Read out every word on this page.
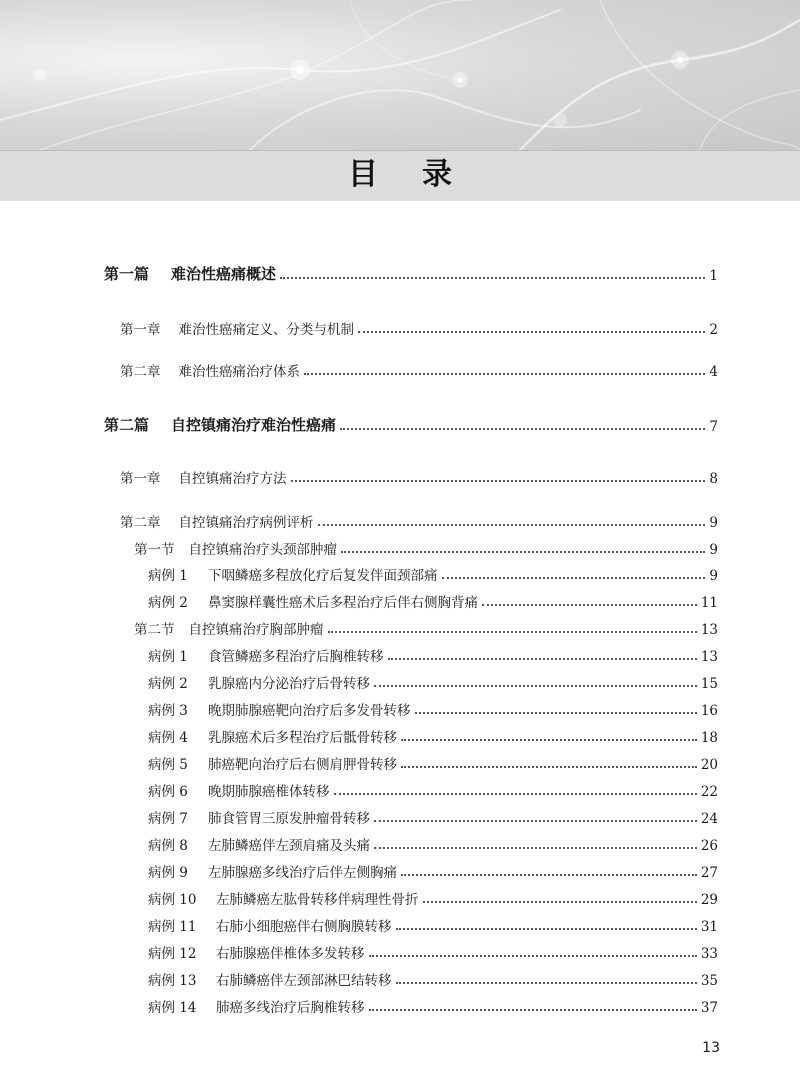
目录
第一篇 难治性癌痛概述	1
第一章 难治性癌痛定义、分类与机制	2
第二章 难治性癌痛治疗体系	4
第二篇 自控镇痛治疗难治性癌痛	7
第一章 自控镇痛治疗方法	8
第二章 自控镇痛治疗病例评析	9
第一节 自控镇痛治疗头颈部肿瘤	9
病例 1 下咽鳞癌多程放化疗后复发伴面颈部痛	9
病例 2 鼻窦腺样囊性癌术后多程治疗后伴右侧胸背痛	11
第二节 自控镇痛治疗胸部肿瘤	13
病例 1 食管鳞癌多程治疗后胸椎转移	13
病例 2 乳腺癌内分泌治疗后骨转移	15
病例 3 晚期肺腺癌靶向治疗后多发骨转移	16
病例 4 乳腺癌术后多程治疗后骶骨转移	18
病例 5 肺癌靶向治疗后右侧肩胛骨转移	20
病例 6 晚期肺腺癌椎体转移	22
病例 7 肺食管胃三原发肿瘤骨转移	24
病例 8 左肺鳞癌伴左颈肩痛及头痛	26
病例 9 左肺腺癌多线治疗后伴左侧胸痛	27
病例 10 左肺鳞癌左肱骨转移伴病理性骨折	29
病例 11 右肺小细胞癌伴右侧胸膜转移	31
病例 12 右肺腺癌伴椎体多发转移	33
病例 13 右肺鳞癌伴左颈部淋巴结转移	35
病例 14 肺癌多线治疗后胸椎转移	37
13
